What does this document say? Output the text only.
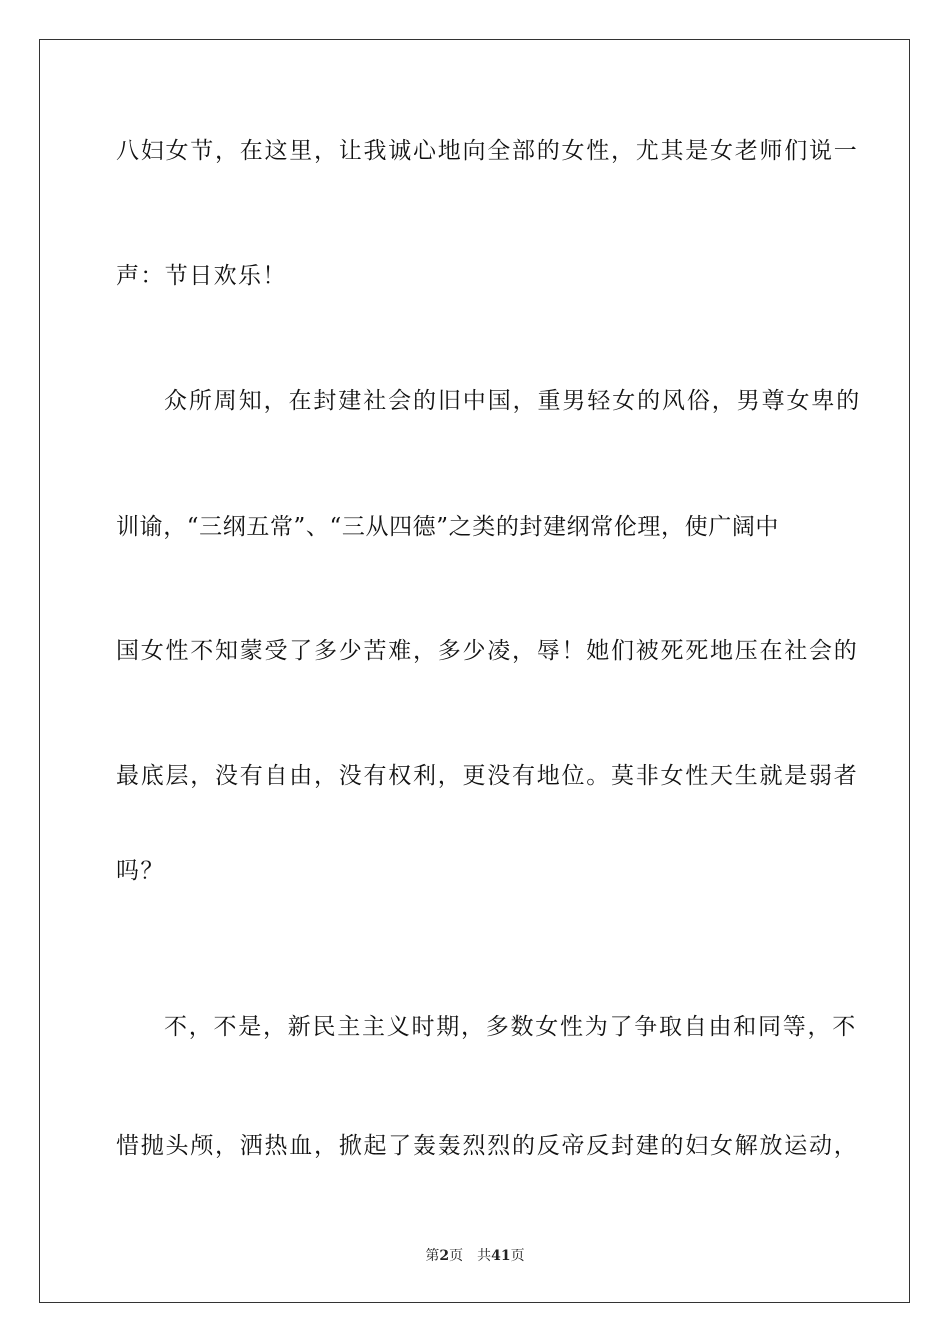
八妇女节，在这里，让我诚心地向全部的女性，尤其是女老师们说一
声：节日欢乐！
众所周知，在封建社会的旧中国，重男轻女的风俗，男尊女卑的
训谕，“三纲五常”、“三从四德”之类的封建纲常伦理，使广阔中
国女性不知蒙受了多少苦难，多少凌，辱！她们被死死地压在社会的
最底层，没有自由，没有权利，更没有地位。莫非女性天生就是弱者
吗？
不，不是，新民主主义时期，多数女性为了争取自由和同等，不
惜抛头颅，洒热血，掀起了轰轰烈烈的反帝反封建的妇女解放运动，
第2页 共41页
